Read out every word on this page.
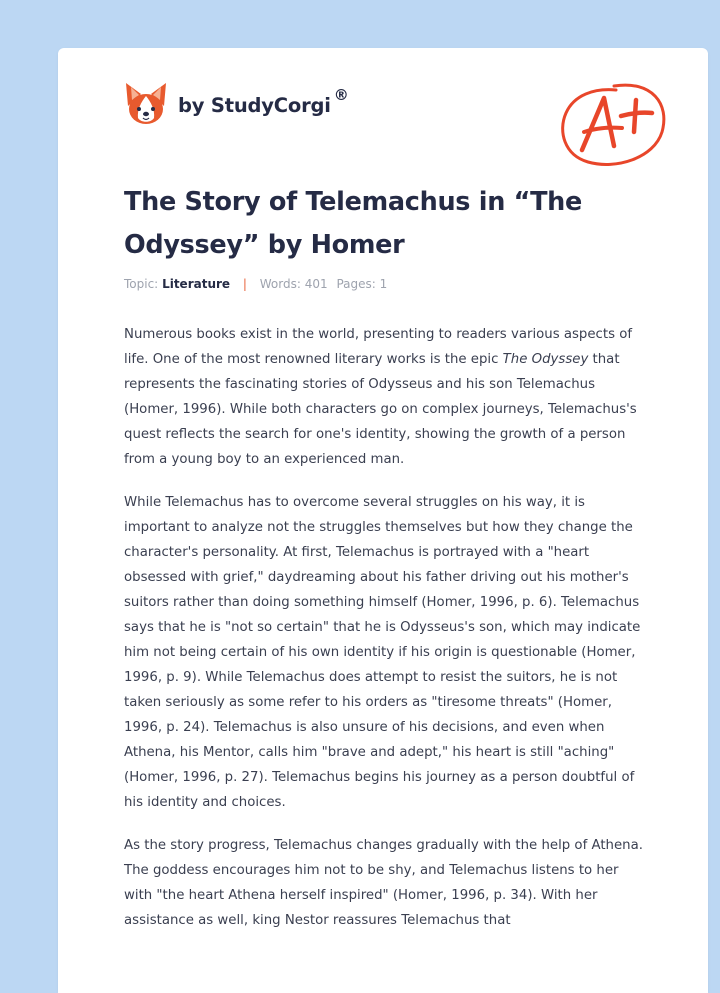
by StudyCorgi ®
The Story of Telemachus in “The Odyssey” by Homer
Topic: Literature | Words: 401 Pages: 1

Numerous books exist in the world, presenting to readers various aspects of life. One of the most renowned literary works is the epic The Odyssey that represents the fascinating stories of Odysseus and his son Telemachus (Homer, 1996). While both characters go on complex journeys, Telemachus's quest reflects the search for one's identity, showing the growth of a person from a young boy to an experienced man.

While Telemachus has to overcome several struggles on his way, it is important to analyze not the struggles themselves but how they change the character's personality. At first, Telemachus is portrayed with a "heart obsessed with grief," daydreaming about his father driving out his mother's suitors rather than doing something himself (Homer, 1996, p. 6). Telemachus says that he is "not so certain" that he is Odysseus's son, which may indicate him not being certain of his own identity if his origin is questionable (Homer, 1996, p. 9). While Telemachus does attempt to resist the suitors, he is not taken seriously as some refer to his orders as "tiresome threats" (Homer, 1996, p. 24). Telemachus is also unsure of his decisions, and even when Athena, his Mentor, calls him "brave and adept," his heart is still "aching" (Homer, 1996, p. 27). Telemachus begins his journey as a person doubtful of his identity and choices.

As the story progress, Telemachus changes gradually with the help of Athena. The goddess encourages him not to be shy, and Telemachus listens to her with "the heart Athena herself inspired" (Homer, 1996, p. 34). With her assistance as well, king Nestor reassures Telemachus that
